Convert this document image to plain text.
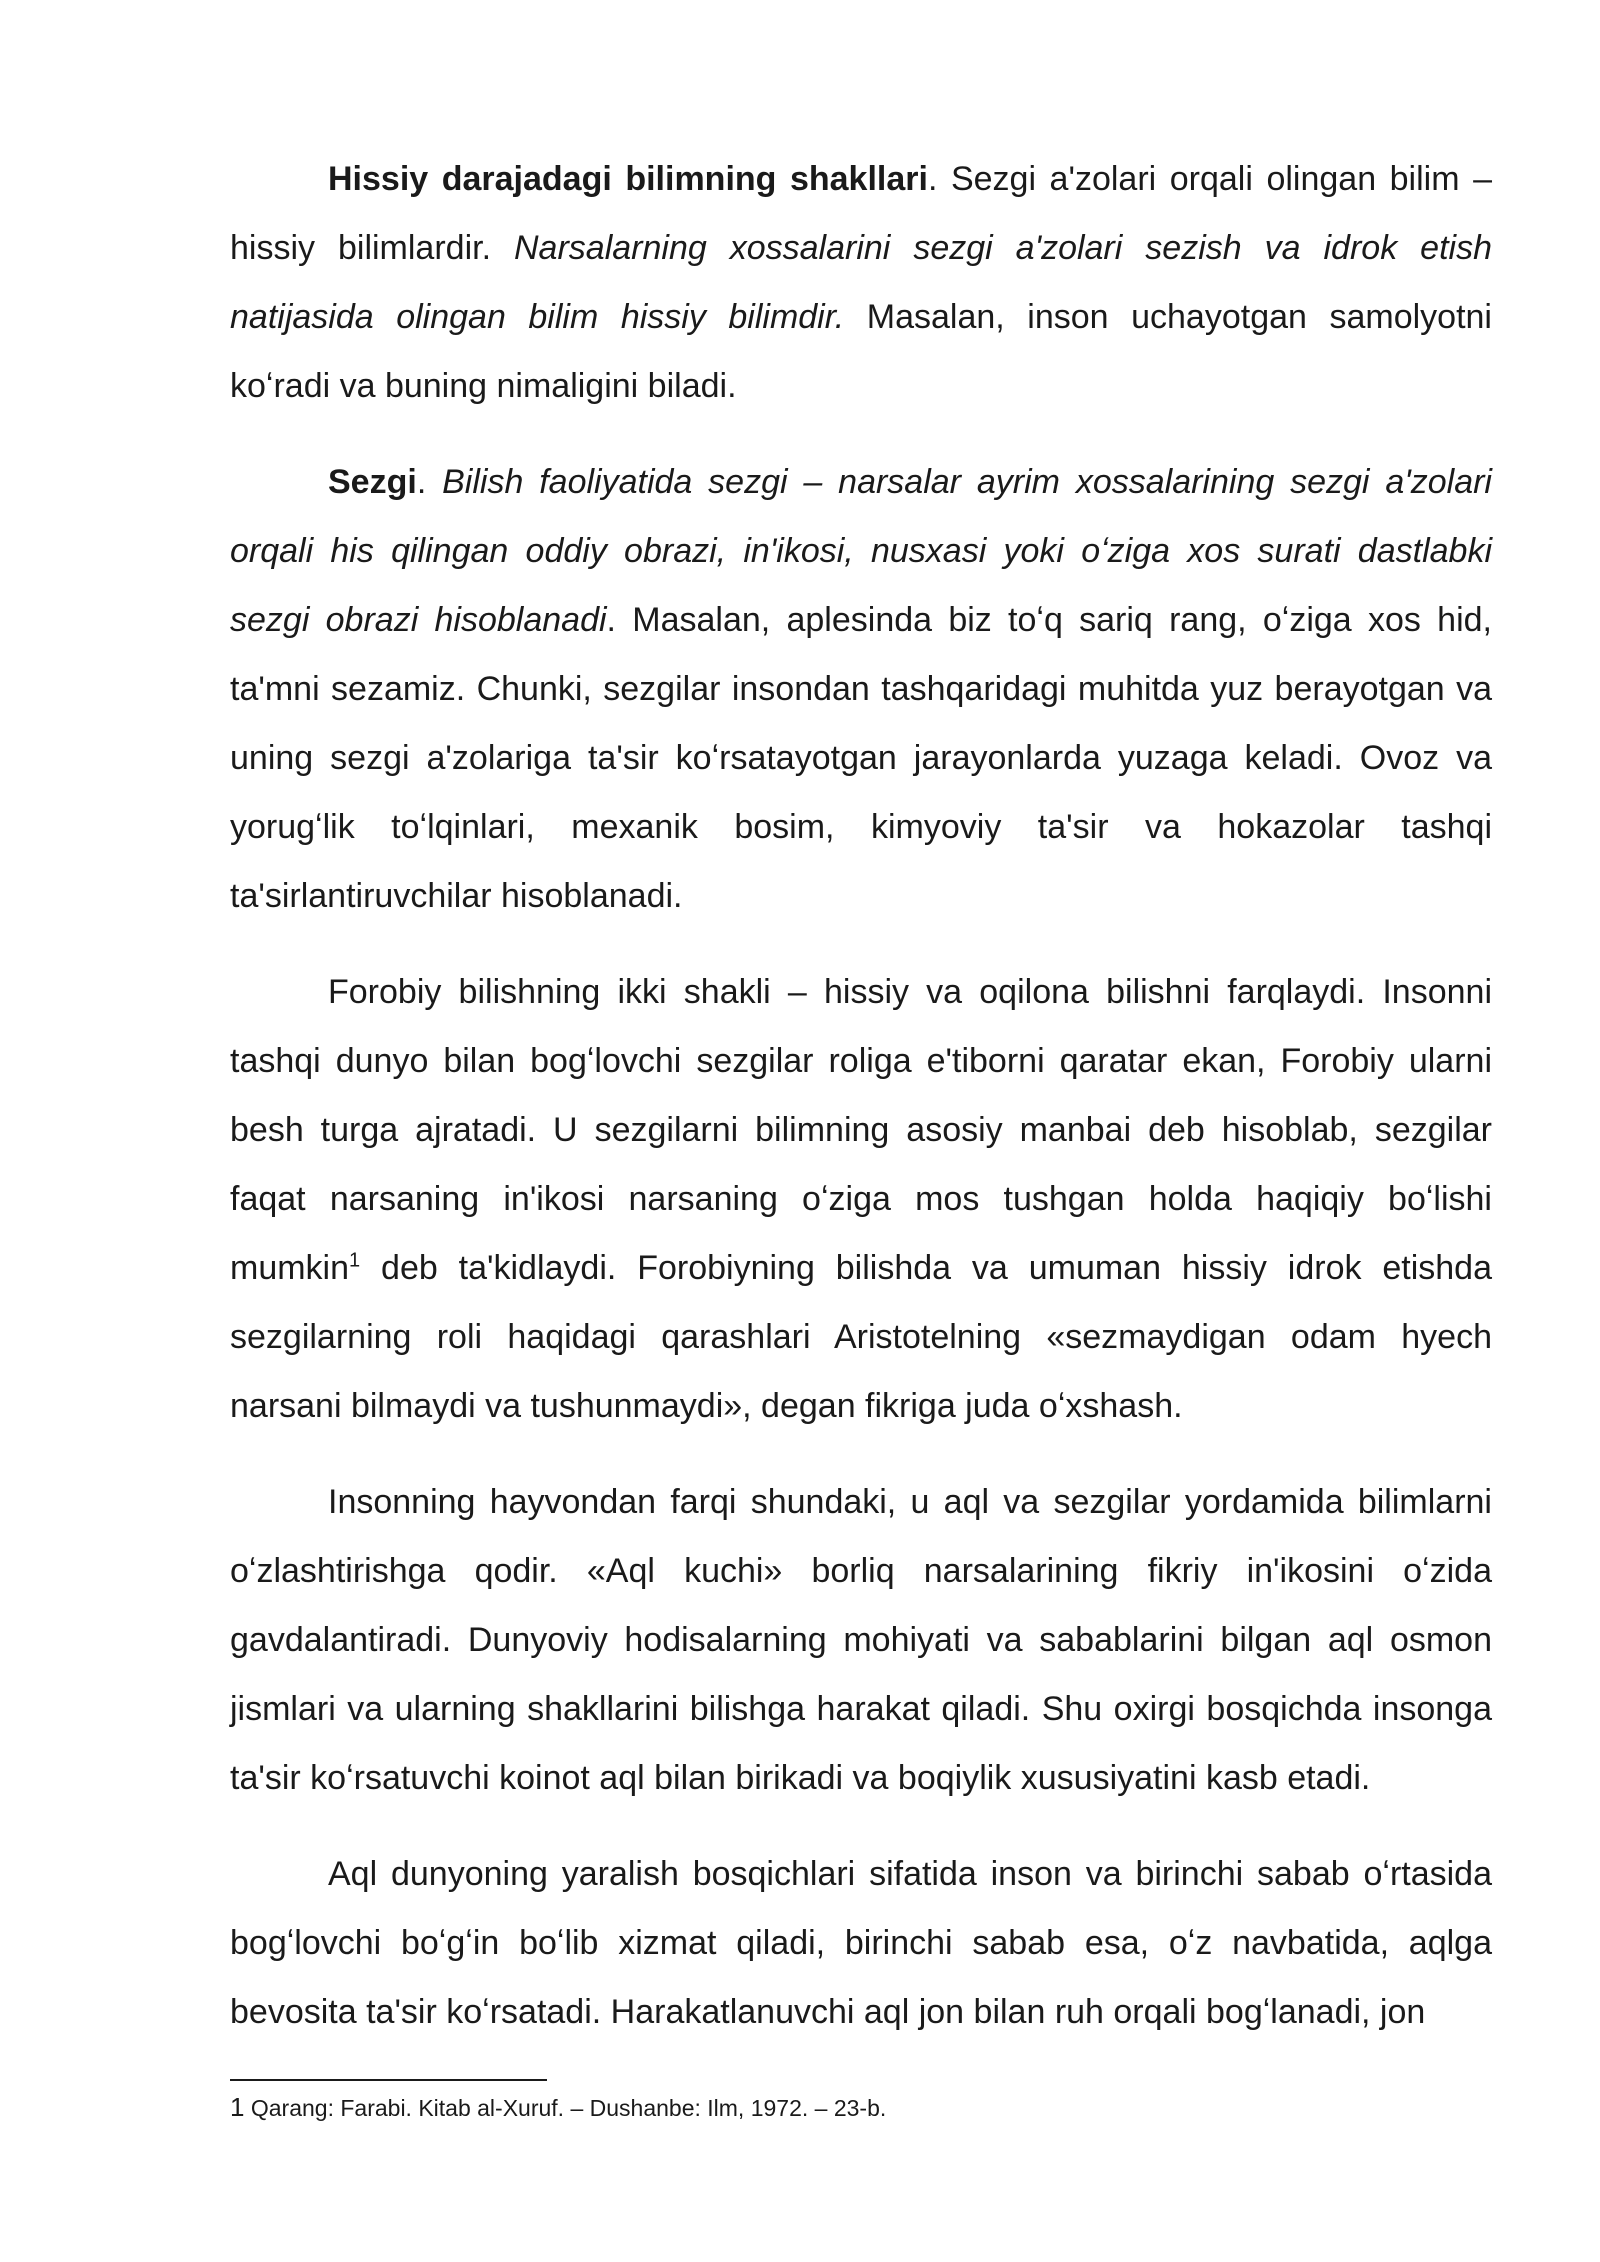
Hissiy darajadagi bilimning shakllari. Sezgi a'zolari orqali olingan bilim – hissiy bilimlardir. Narsalarning xossalarini sezgi a'zolari sezish va idrok etish natijasida olingan bilim hissiy bilimdir. Masalan, inson uchayotgan samolyotni koʻradi va buning nimaligini biladi.

Sezgi. Bilish faoliyatida sezgi – narsalar ayrim xossalarining sezgi a'zolari orqali his qilingan oddiy obrazi, in'ikosi, nusxasi yoki oʻziga xos surati dastlabki sezgi obrazi hisoblanadi. Masalan, aplesinda biz toʻq sariq rang, oʻziga xos hid, ta'mni sezamiz. Chunki, sezgilar insondan tashqaridagi muhitda yuz berayotgan va uning sezgi a'zolariga ta'sir koʻrsatayotgan jarayonlarda yuzaga keladi. Ovoz va yorugʻlik toʻlqinlari, mexanik bosim, kimyoviy ta'sir va hokazolar tashqi ta'sirlantiruvchilar hisoblanadi.

Forobiy bilishning ikki shakli – hissiy va oqilona bilishni farqlaydi. Insonni tashqi dunyo bilan bogʻlovchi sezgilar roliga e'tiborni qaratar ekan, Forobiy ularni besh turga ajratadi. U sezgilarni bilimning asosiy manbai deb hisoblab, sezgilar faqat narsaning in'ikosi narsaning oʻziga mos tushgan holda haqiqiy boʻlishi mumkin$^1$ deb ta'kidlaydi. Forobiyning bilishda va umuman hissiy idrok etishda sezgilarning roli haqidagi qarashlari Aristotelning «sezmaydigan odam hyech narsani bilmaydi va tushunmaydi», degan fikriga juda oʻxshash.

Insonning hayvondan farqi shundaki, u aql va sezgilar yordamida bilimlarni oʻzlashtirishga qodir. «Aql kuchi» borliq narsalarining fikriy in'ikosini oʻzida gavdalantiradi. Dunyoviy hodisalarning mohiyati va sabablarini bilgan aql osmon jismlari va ularning shakllarini bilishga harakat qiladi. Shu oxirgi bosqichda insonga ta'sir koʻrsatuvchi koinot aql bilan birikadi va boqiylik xususiyatini kasb etadi.

Aql dunyoning yaralish bosqichlari sifatida inson va birinchi sabab oʻrtasida bogʻlovchi boʻgʻin boʻlib xizmat qiladi, birinchi sabab esa, oʻz navbatida, aqlga bevosita ta'sir koʻrsatadi. Harakatlanuvchi aql jon bilan ruh orqali bogʻlanadi, jon

1 Qarang: Farabi. Kitab al-Xuruf. – Dushanbe: Ilm, 1972. – 23-b.
